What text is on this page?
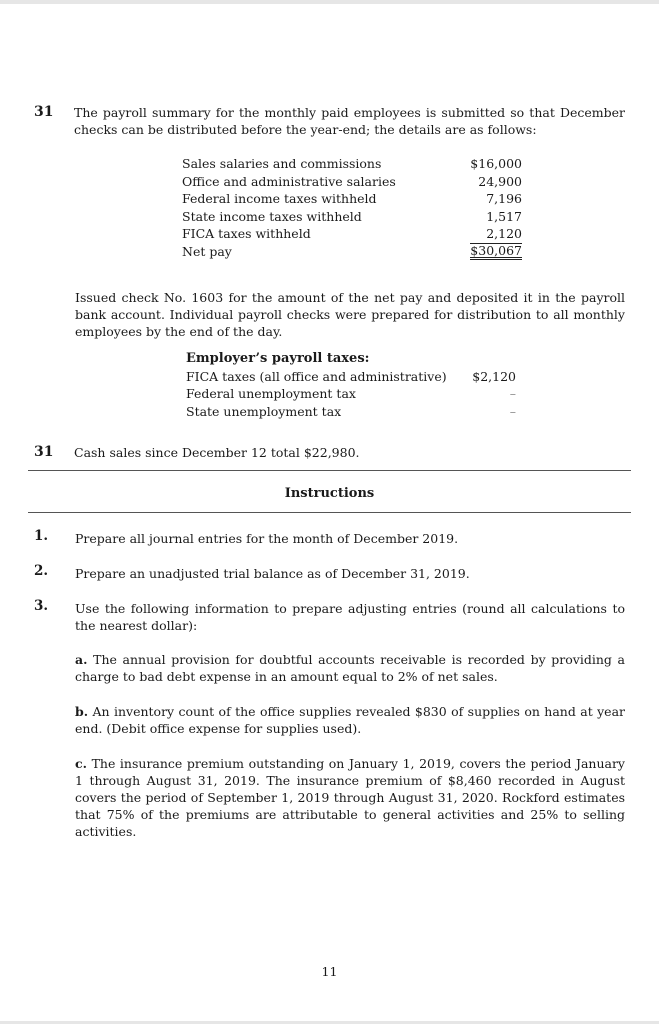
31 The payroll summary for the monthly paid employees is submitted so that December checks can be distributed before the year-end; the details are as follows:
Sales salaries and commissions	$16,000
Office and administrative salaries	24,900
Federal income taxes withheld	7,196
State income taxes withheld	1,517
FICA taxes withheld	2,120
Net pay	$30,067
Issued check No. 1603 for the amount of the net pay and deposited it in the payroll bank account. Individual payroll checks were prepared for distribution to all monthly employees by the end of the day.
Employer’s payroll taxes:
FICA taxes (all office and administrative) $2,120
Federal unemployment tax	–
State unemployment tax	–
31 Cash sales since December 12 total $22,980.
Instructions
1. Prepare all journal entries for the month of December 2019.
2. Prepare an unadjusted trial balance as of December 31, 2019.
3. Use the following information to prepare adjusting entries (round all calculations to the nearest dollar):
a. The annual provision for doubtful accounts receivable is recorded by providing a charge to bad debt expense in an amount equal to 2% of net sales.
b. An inventory count of the office supplies revealed $830 of supplies on hand at year end. (Debit office expense for supplies used).
c. The insurance premium outstanding on January 1, 2019, covers the period January 1 through August 31, 2019. The insurance premium of $8,460 recorded in August covers the period of September 1, 2019 through August 31, 2020. Rockford estimates that 75% of the premiums are attributable to general activities and 25% to selling activities.
11
